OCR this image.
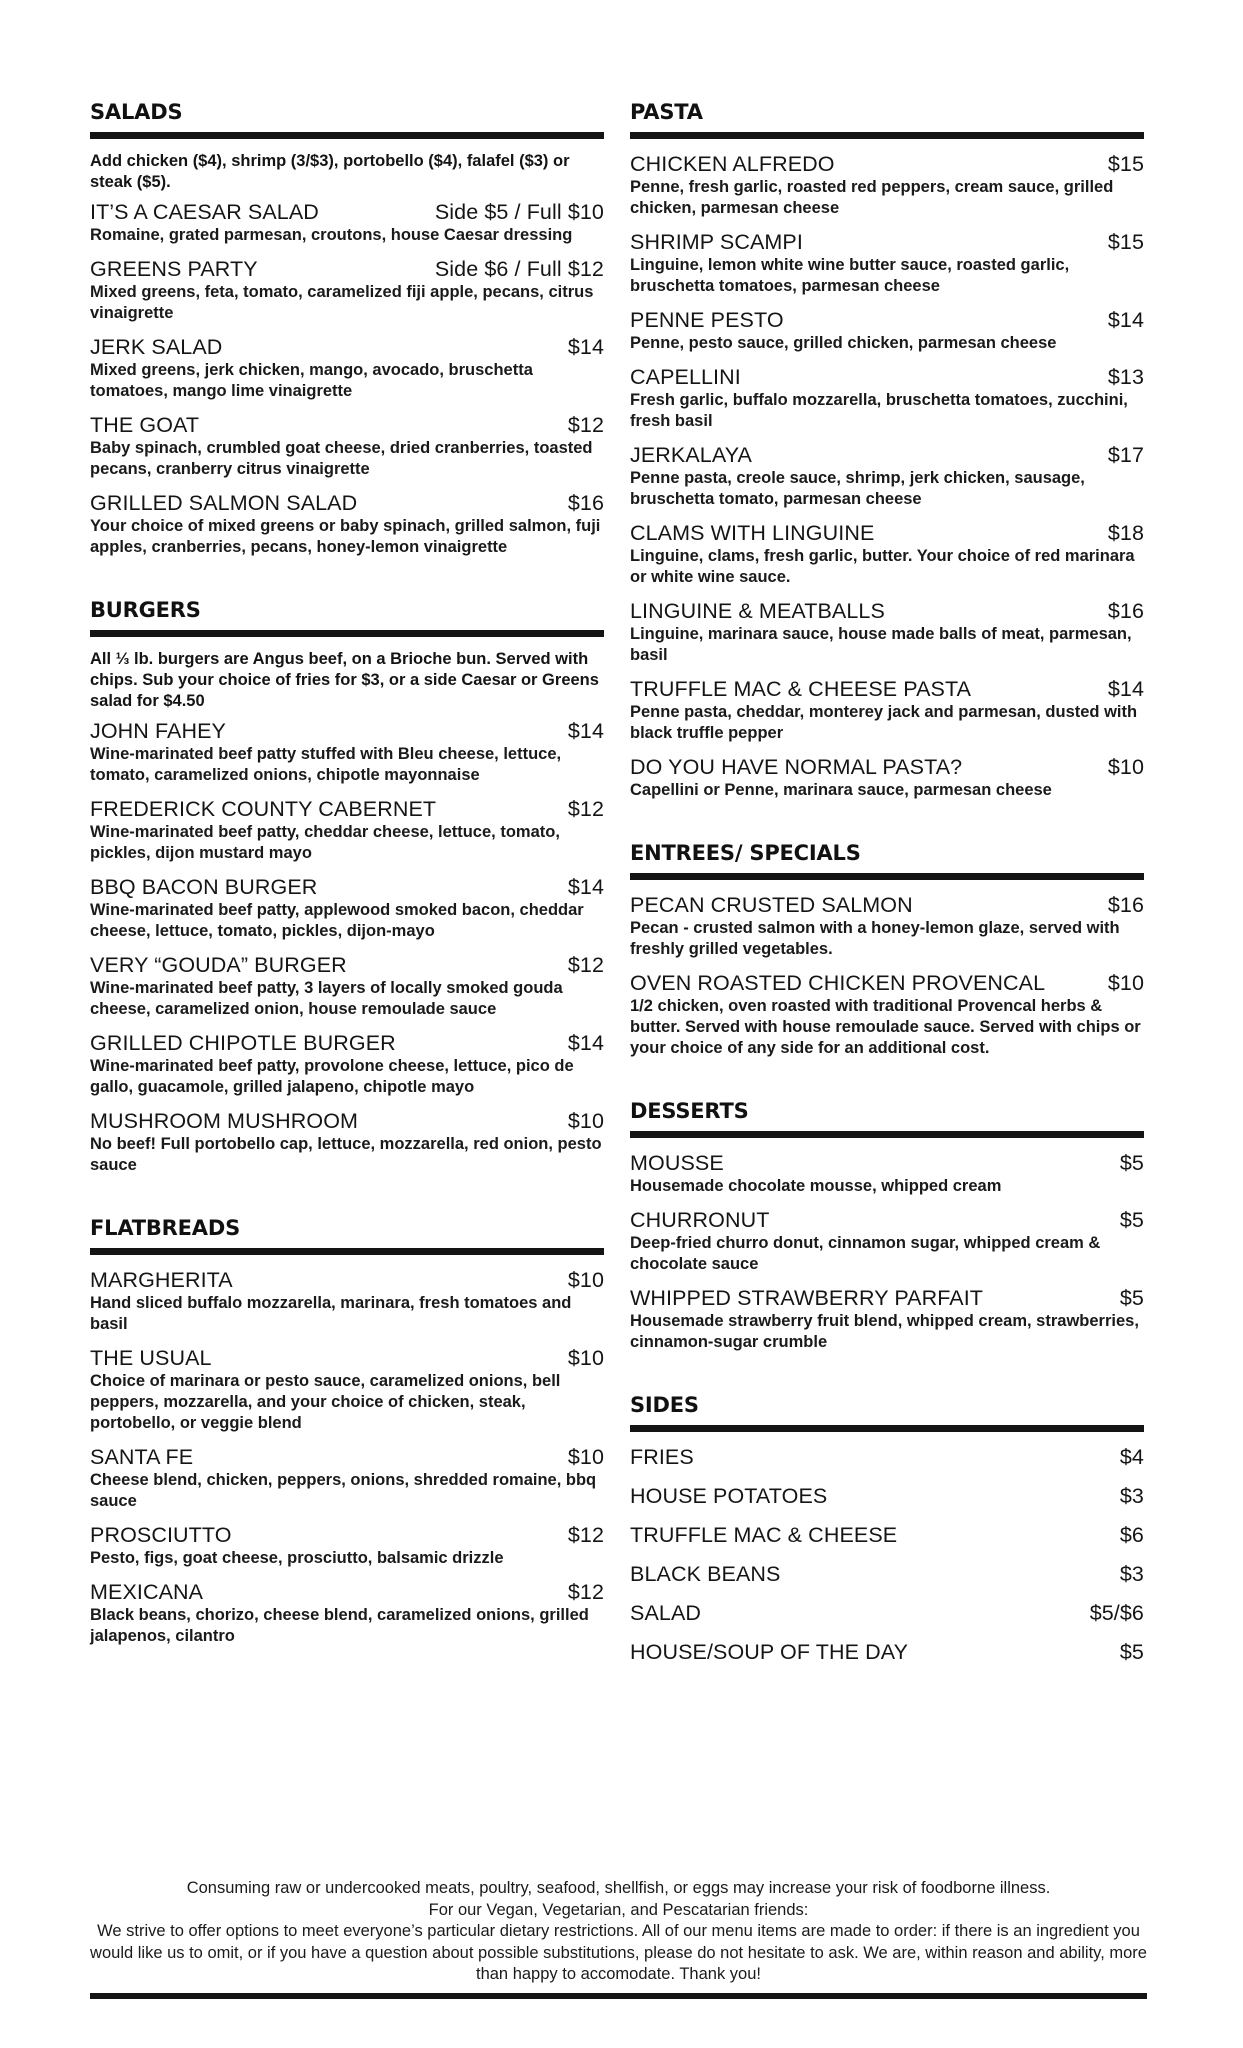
SALADS
Add chicken ($4), shrimp (3/$3), portobello ($4), falafel ($3) or steak ($5).
IT’S A CAESAR SALAD	Side $5 / Full $10
Romaine, grated parmesan, croutons, house Caesar dressing
GREENS PARTY	Side $6 / Full $12
Mixed greens, feta, tomato, caramelized fiji apple, pecans, citrus vinaigrette
JERK SALAD	$14
Mixed greens, jerk chicken, mango, avocado, bruschetta tomatoes, mango lime vinaigrette
THE GOAT	$12
Baby spinach, crumbled goat cheese, dried cranberries, toasted pecans, cranberry citrus vinaigrette
GRILLED SALMON SALAD	$16
Your choice of mixed greens or baby spinach, grilled salmon, fuji apples, cranberries, pecans, honey-lemon vinaigrette
BURGERS
All ⅓ lb. burgers are Angus beef, on a Brioche bun. Served with chips. Sub your choice of fries for $3, or a side Caesar or Greens salad for $4.50
JOHN FAHEY	$14
Wine-marinated beef patty stuffed with Bleu cheese, lettuce, tomato, caramelized onions, chipotle mayonnaise
FREDERICK COUNTY CABERNET	$12
Wine-marinated beef patty, cheddar cheese, lettuce, tomato, pickles, dijon mustard mayo
BBQ BACON BURGER	$14
Wine-marinated beef patty, applewood smoked bacon, cheddar cheese, lettuce, tomato, pickles, dijon-mayo
VERY “GOUDA” BURGER	$12
Wine-marinated beef patty, 3 layers of locally smoked gouda cheese, caramelized onion, house remoulade sauce
GRILLED CHIPOTLE BURGER	$14
Wine-marinated beef patty, provolone cheese, lettuce, pico de gallo, guacamole, grilled jalapeno, chipotle mayo
MUSHROOM MUSHROOM	$10
No beef! Full portobello cap, lettuce, mozzarella, red onion, pesto sauce
FLATBREADS
MARGHERITA	$10
Hand sliced buffalo mozzarella, marinara, fresh tomatoes and basil
THE USUAL	$10
Choice of marinara or pesto sauce, caramelized onions, bell peppers, mozzarella, and your choice of chicken, steak, portobello, or veggie blend
SANTA FE	$10
Cheese blend, chicken, peppers, onions, shredded romaine, bbq sauce
PROSCIUTTO	$12
Pesto, figs, goat cheese, prosciutto, balsamic drizzle
MEXICANA	$12
Black beans, chorizo, cheese blend, caramelized onions, grilled jalapenos, cilantro
PASTA
CHICKEN ALFREDO	$15
Penne, fresh garlic, roasted red peppers, cream sauce, grilled chicken, parmesan cheese
SHRIMP SCAMPI	$15
Linguine, lemon white wine butter sauce, roasted garlic, bruschetta tomatoes, parmesan cheese
PENNE PESTO	$14
Penne, pesto sauce, grilled chicken, parmesan cheese
CAPELLINI	$13
Fresh garlic, buffalo mozzarella, bruschetta tomatoes, zucchini, fresh basil
JERKALAYA	$17
Penne pasta, creole sauce, shrimp, jerk chicken, sausage, bruschetta tomato, parmesan cheese
CLAMS WITH LINGUINE	$18
Linguine, clams, fresh garlic, butter. Your choice of red marinara or white wine sauce.
LINGUINE & MEATBALLS	$16
Linguine, marinara sauce, house made balls of meat, parmesan, basil
TRUFFLE MAC & CHEESE PASTA	$14
Penne pasta, cheddar, monterey jack and parmesan, dusted with black truffle pepper
DO YOU HAVE NORMAL PASTA?	$10
Capellini or Penne, marinara sauce, parmesan cheese
ENTREES/ SPECIALS
PECAN CRUSTED SALMON	$16
Pecan - crusted salmon with a honey-lemon glaze, served with freshly grilled vegetables.
OVEN ROASTED CHICKEN PROVENCAL	$10
1/2 chicken, oven roasted with traditional Provencal herbs & butter. Served with house remoulade sauce. Served with chips or your choice of any side for an additional cost.
DESSERTS
MOUSSE	$5
Housemade chocolate mousse, whipped cream
CHURRONUT	$5
Deep-fried churro donut, cinnamon sugar, whipped cream & chocolate sauce
WHIPPED STRAWBERRY PARFAIT	$5
Housemade strawberry fruit blend, whipped cream, strawberries, cinnamon-sugar crumble
SIDES
FRIES	$4
HOUSE POTATOES	$3
TRUFFLE MAC & CHEESE	$6
BLACK BEANS	$3
SALAD	$5/$6
HOUSE/SOUP OF THE DAY	$5

Consuming raw or undercooked meats, poultry, seafood, shellfish, or eggs may increase your risk of foodborne illness.

For our Vegan, Vegetarian, and Pescatarian friends:

We strive to offer options to meet everyone’s particular dietary restrictions. All of our menu items are made to order: if there is an ingredient you would like us to omit, or if you have a question about possible substitutions, please do not hesitate to ask. We are, within reason and ability, more than happy to accomodate. Thank you!
